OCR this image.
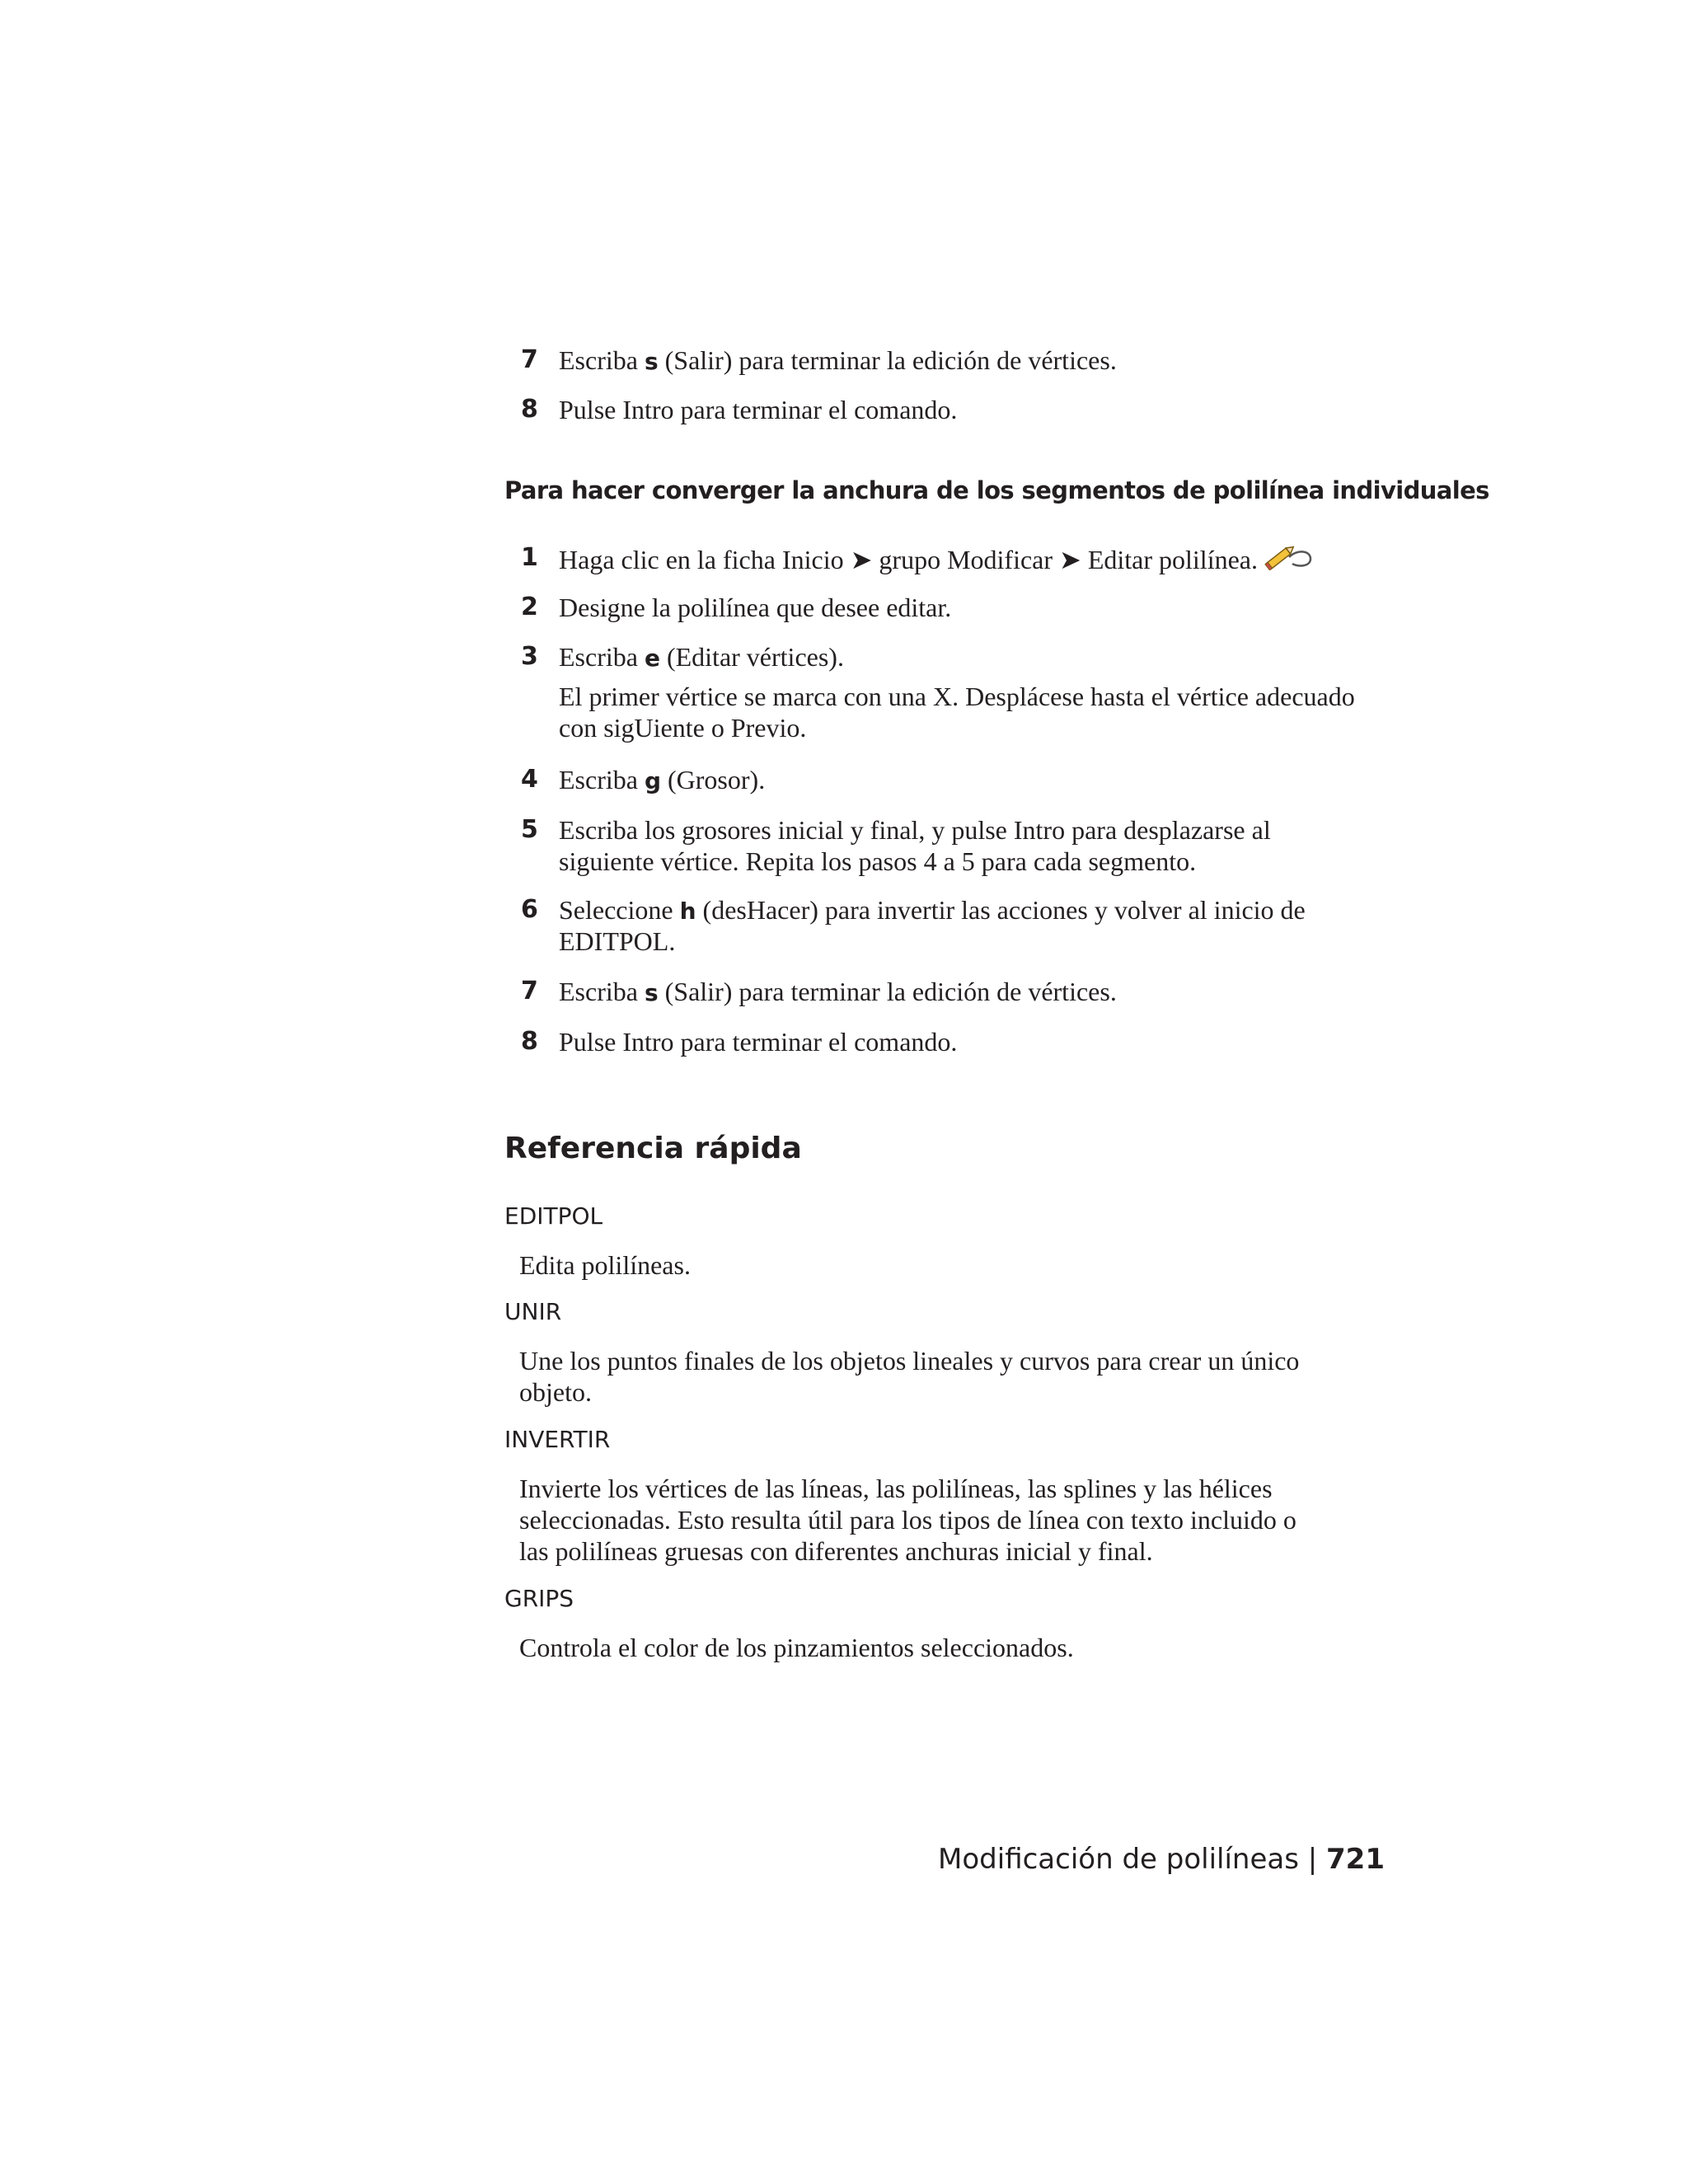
7 Escriba s (Salir) para terminar la edición de vértices.
8 Pulse Intro para terminar el comando.
Para hacer converger la anchura de los segmentos de polilínea individuales
1 Haga clic en la ficha Inicio ➤ grupo Modificar ➤ Editar polilínea.
2 Designe la polilínea que desee editar.
3 Escriba e (Editar vértices).
El primer vértice se marca con una X. Desplácese hasta el vértice adecuado
con sigUiente o Previo.
4 Escriba g (Grosor).
5 Escriba los grosores inicial y final, y pulse Intro para desplazarse al
siguiente vértice. Repita los pasos 4 a 5 para cada segmento.
6 Seleccione h (desHacer) para invertir las acciones y volver al inicio de
EDITPOL.
7 Escriba s (Salir) para terminar la edición de vértices.
8 Pulse Intro para terminar el comando.
Referencia rápida
EDITPOL
Edita polilíneas.
UNIR
Une los puntos finales de los objetos lineales y curvos para crear un único
objeto.
INVERTIR
Invierte los vértices de las líneas, las polilíneas, las splines y las hélices
seleccionadas. Esto resulta útil para los tipos de línea con texto incluido o
las polilíneas gruesas con diferentes anchuras inicial y final.
GRIPS
Controla el color de los pinzamientos seleccionados.
Modificación de polilíneas | 721
